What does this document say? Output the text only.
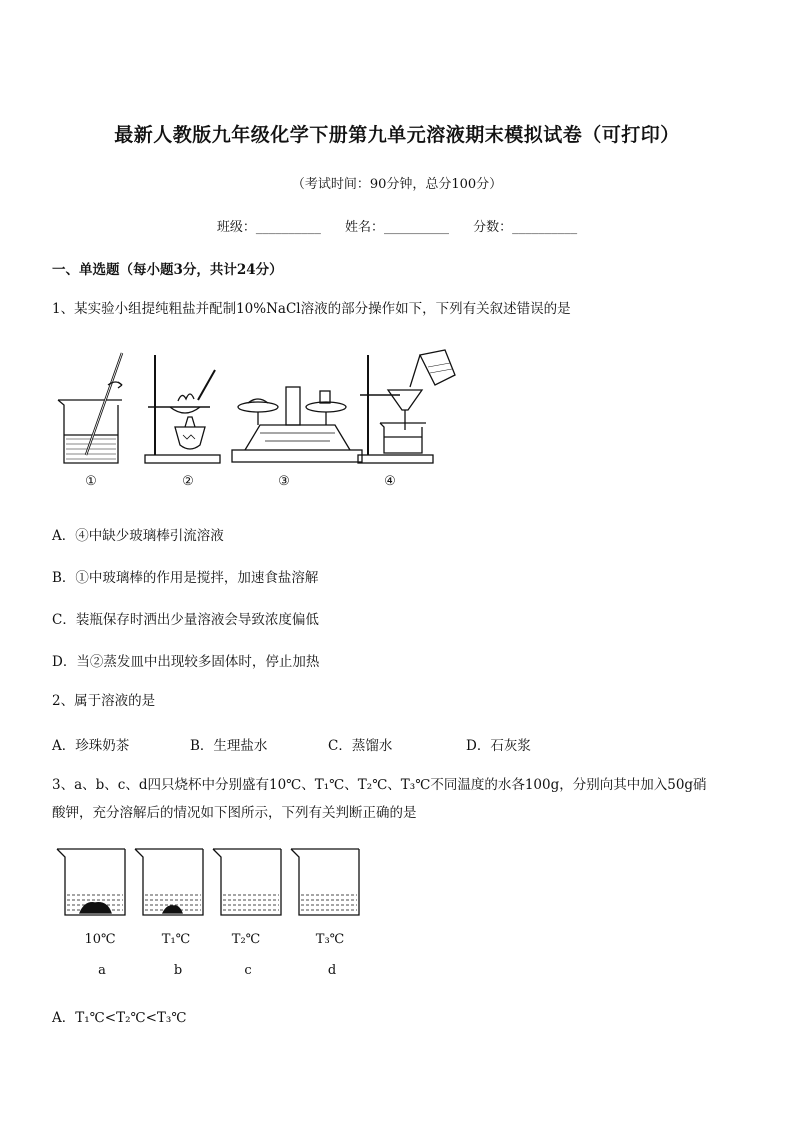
最新人教版九年级化学下册第九单元溶液期末模拟试卷（可打印）
（考试时间：90分钟，总分100分）
班级：__________ 姓名：__________ 分数：__________
一、单选题（每小题3分，共计24分）
1、某实验小组提纯粗盐并配制10%NaCl溶液的部分操作如下，下列有关叙述错误的是
①	②	③	④
A．④中缺少玻璃棒引流溶液
B．①中玻璃棒的作用是搅拌，加速食盐溶解
C．装瓶保存时洒出少量溶液会导致浓度偏低
D．当②蒸发皿中出现较多固体时，停止加热
2、属于溶液的是
A．珍珠奶茶	B．生理盐水	C．蒸馏水	D．石灰浆
3、a、b、c、d四只烧杯中分别盛有10℃、T₁℃、T₂℃、T₃℃不同温度的水各100g，分别向其中加入50g硝
酸钾，充分溶解后的情况如下图所示，下列有关判断正确的是
10℃	T₁℃	T₂℃	T₃℃
a	b	c	d
A．T₁℃<T₂℃<T₃℃
